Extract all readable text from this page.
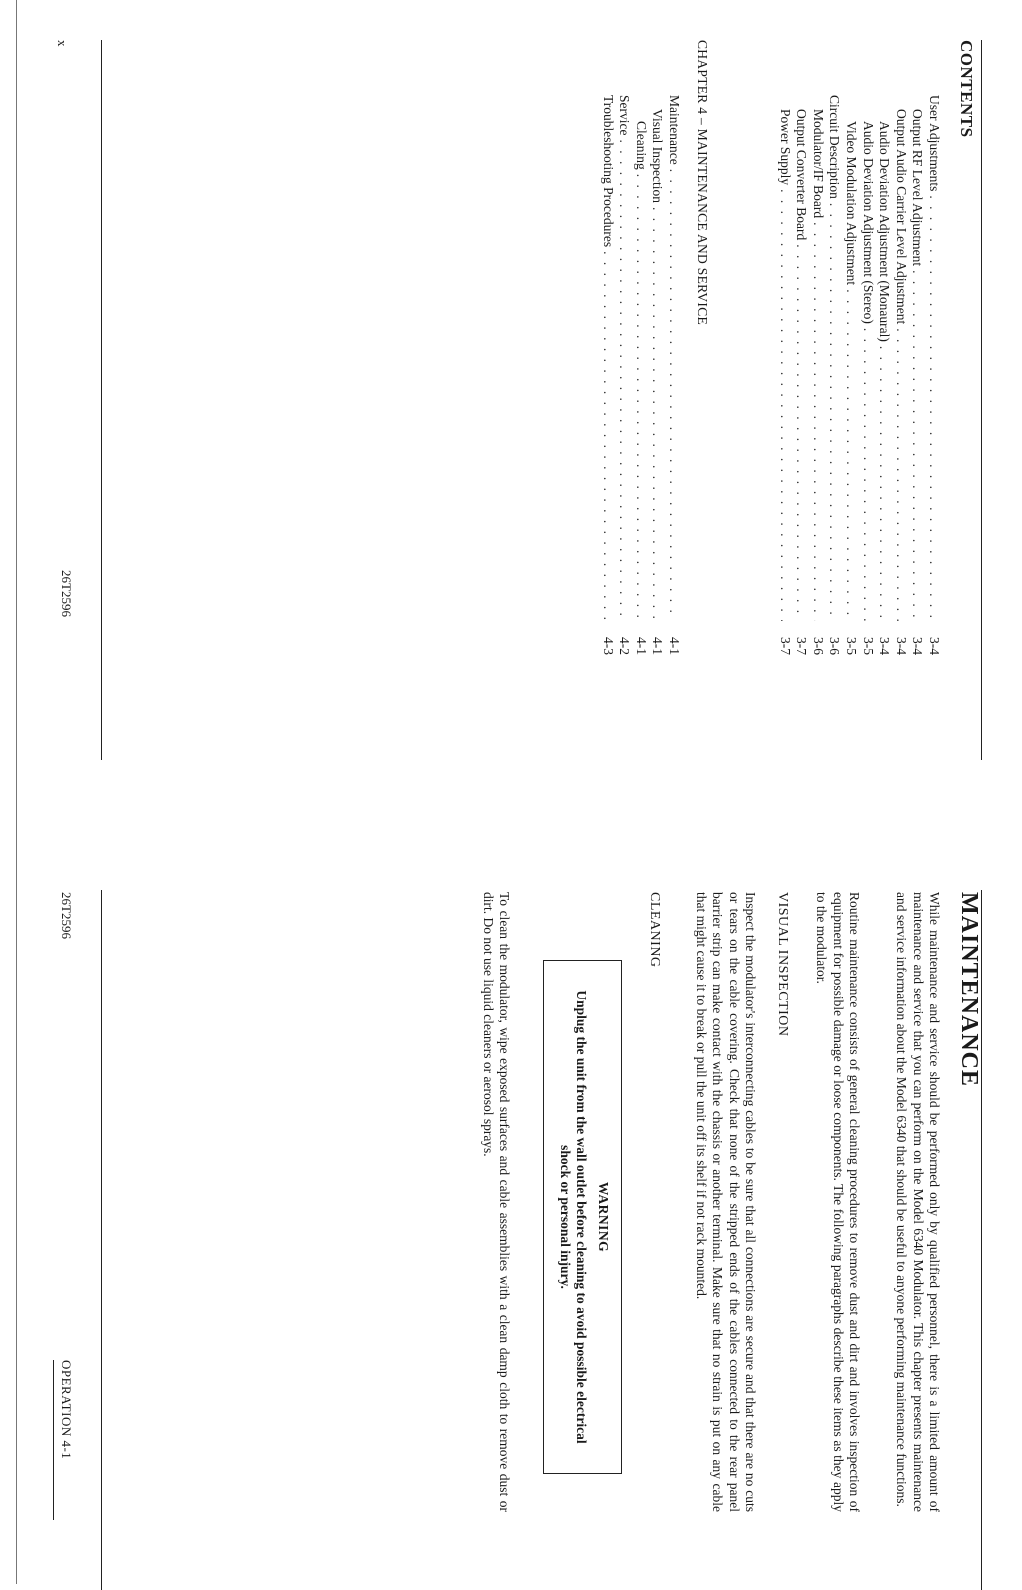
CONTENTS
User Adjustments
. . .
3-4
Output RF Level Adjustment
. . .
3-4
Output Audio Carrier Level Adjustment
. . .
3-4
Audio Deviation Adjustment (Monaural)
. . .
3-4
Audio Deviation Adjustment (Stereo)
. . .
3-5
Video Modulation Adjustment
. . .
3-5
Circuit Description
. . .
3-6
Modulator/IF Board
. . .
3-6
Output Converter Board
. . .
3-7
Power Supply
. . .
3-7
CHAPTER 4 – MAINTENANCE AND SERVICE
Maintenance
. . .
4-1
Visual Inspection
. . .
4-1
Cleaning
. . .
4-1
Service
. . .
4-2
Troubleshooting Procedures
. . .
4-3
x
26T2596
MAINTENANCE

While maintenance and service should be performed only by qualified personnel, there is a limited amount of maintenance and service that you can perform on the Model 6340 Modulator. This chapter presents maintenance and service information about the Model 6340 that should be useful to anyone performing maintenance functions.

Routine maintenance consists of general cleaning procedures to remove dust and dirt and involves inspection of equipment for possible damage or loose components. The following paragraphs describe these items as they apply to the modulator.

VISUAL INSPECTION

Inspect the modulator's interconnecting cables to be sure that all connections are secure and that there are no cuts or tears on the cable covering. Check that none of the stripped ends of the cables connected to the rear panel barrier strip can make contact with the chassis or another terminal. Make sure that no strain is put on any cable that might cause it to break or pull the unit off its shelf if not rack mounted.

CLEANING
WARNING
Unplug the unit from the wall outlet before cleaning to avoid possible electrical shock or personal injury.

To clean the modulator, wipe exposed surfaces and cable assemblies with a clean damp cloth to remove dust or dirt. Do not use liquid cleaners or aerosol sprays.

26T2596
OPERATION 4-1
